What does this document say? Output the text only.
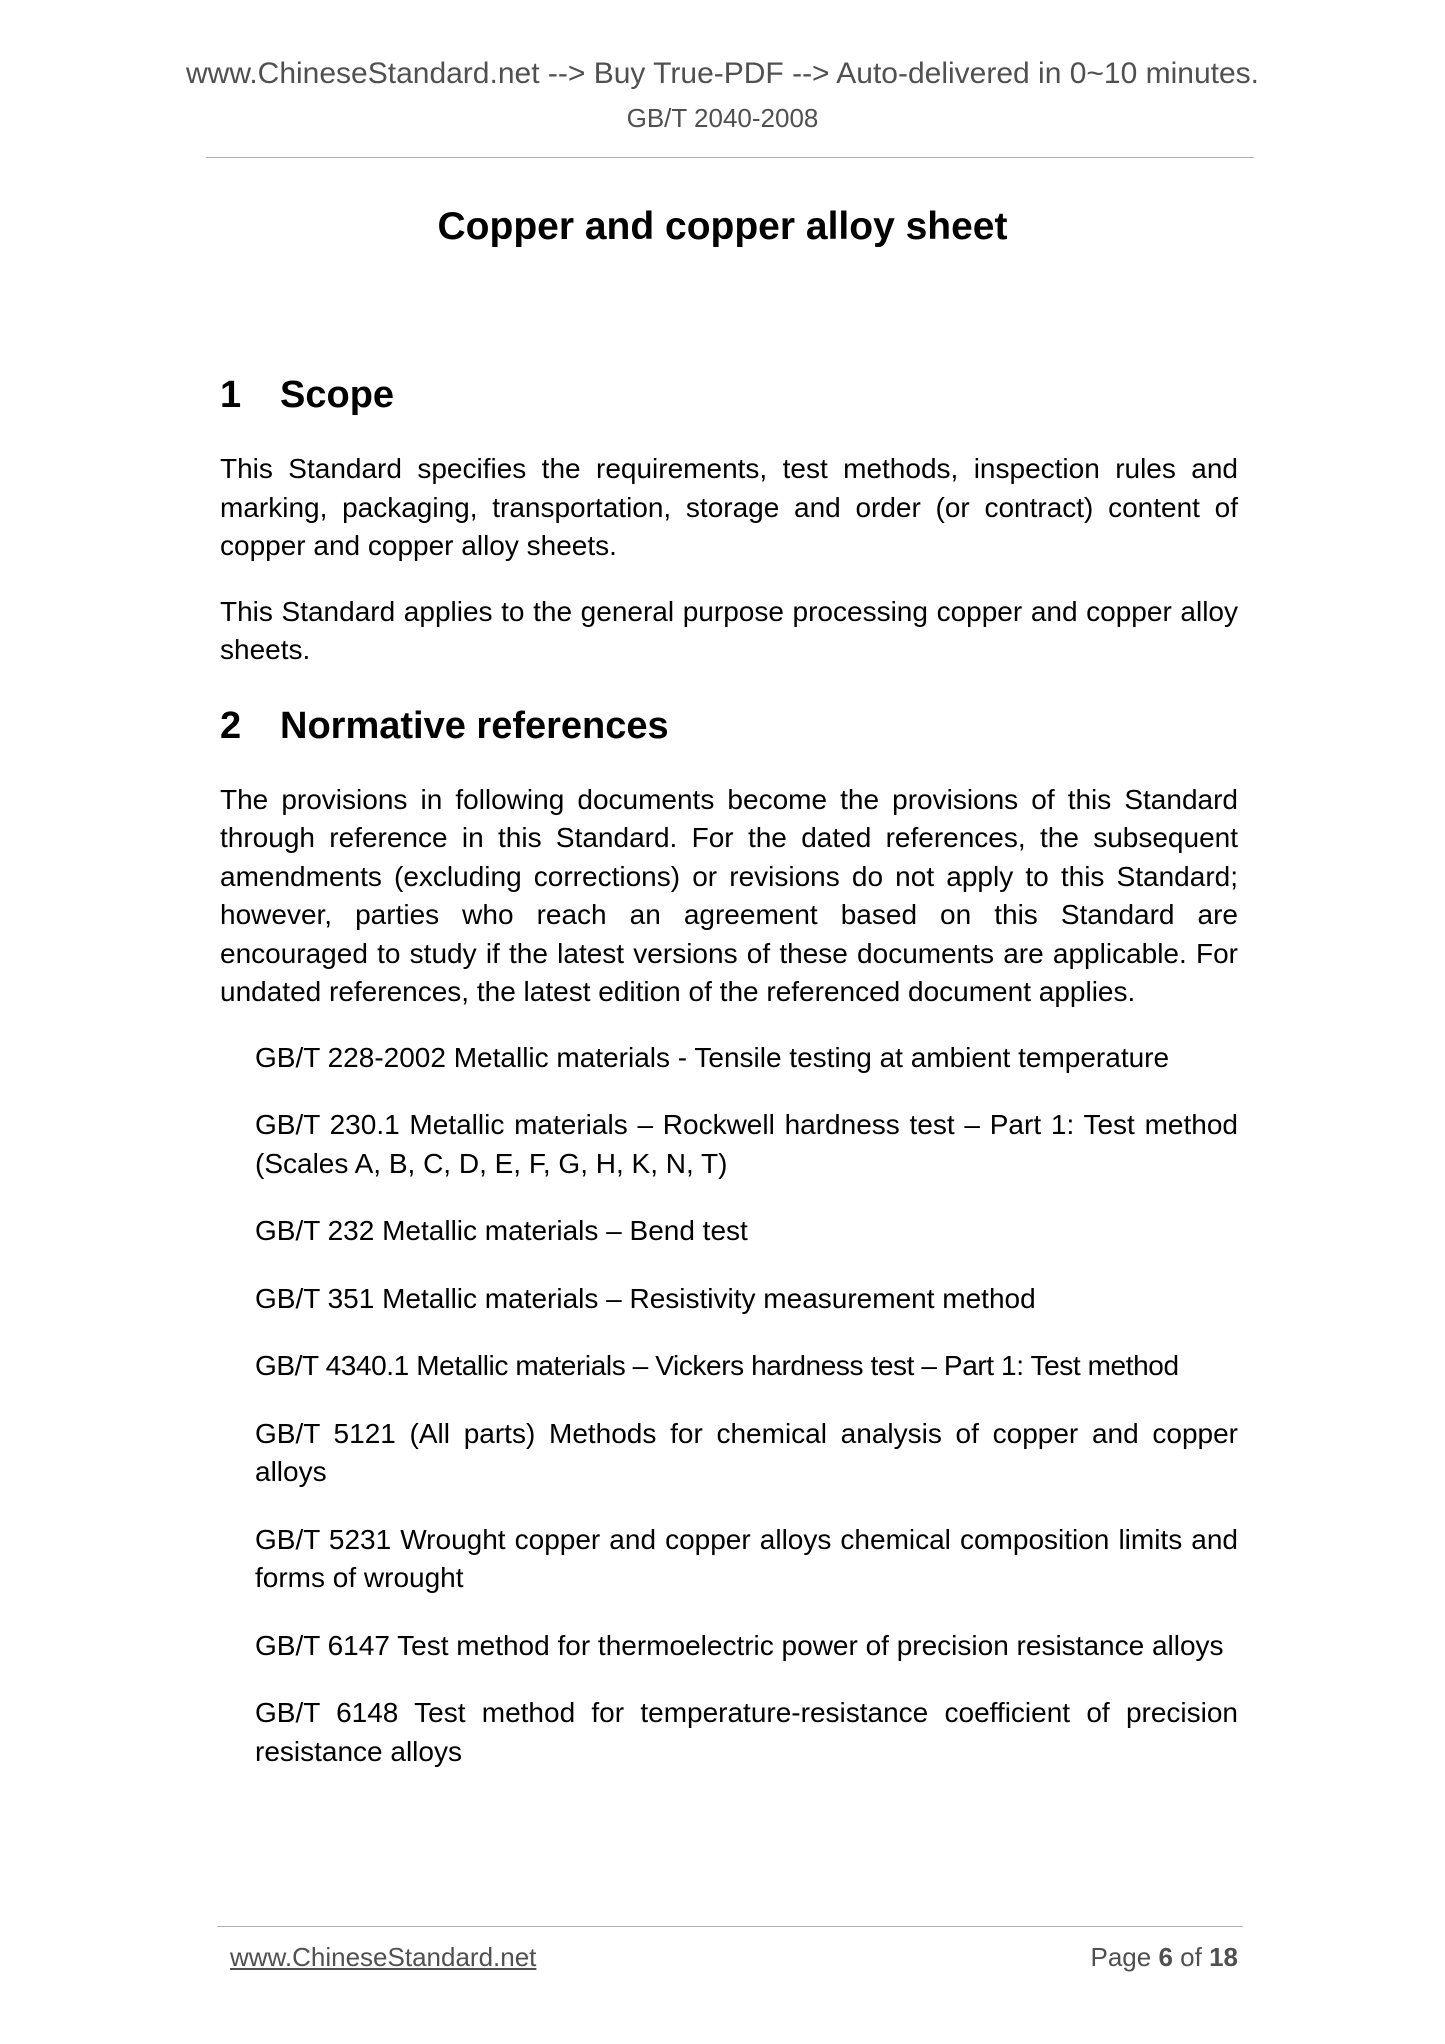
www.ChineseStandard.net --> Buy True-PDF --> Auto-delivered in 0~10 minutes.
GB/T 2040-2008
Copper and copper alloy sheet
1	Scope

This Standard specifies the requirements, test methods, inspection rules and marking, packaging, transportation, storage and order (or contract) content of copper and copper alloy sheets.

This Standard applies to the general purpose processing copper and copper alloy sheets.

2	Normative references

The provisions in following documents become the provisions of this Standard through reference in this Standard. For the dated references, the subsequent amendments (excluding corrections) or revisions do not apply to this Standard; however, parties who reach an agreement based on this Standard are encouraged to study if the latest versions of these documents are applicable. For undated references, the latest edition of the referenced document applies.

GB/T 228-2002 Metallic materials - Tensile testing at ambient temperature
GB/T 230.1 Metallic materials – Rockwell hardness test – Part 1: Test method (Scales A, B, C, D, E, F, G, H, K, N, T)
GB/T 232 Metallic materials – Bend test
GB/T 351 Metallic materials – Resistivity measurement method
GB/T 4340.1 Metallic materials – Vickers hardness test – Part 1: Test method
GB/T 5121 (All parts) Methods for chemical analysis of copper and copper alloys
GB/T 5231 Wrought copper and copper alloys chemical composition limits and forms of wrought
GB/T 6147 Test method for thermoelectric power of precision resistance alloys
GB/T 6148 Test method for temperature-resistance coefficient of precision resistance alloys
www.ChineseStandard.net	Page 6 of 18
